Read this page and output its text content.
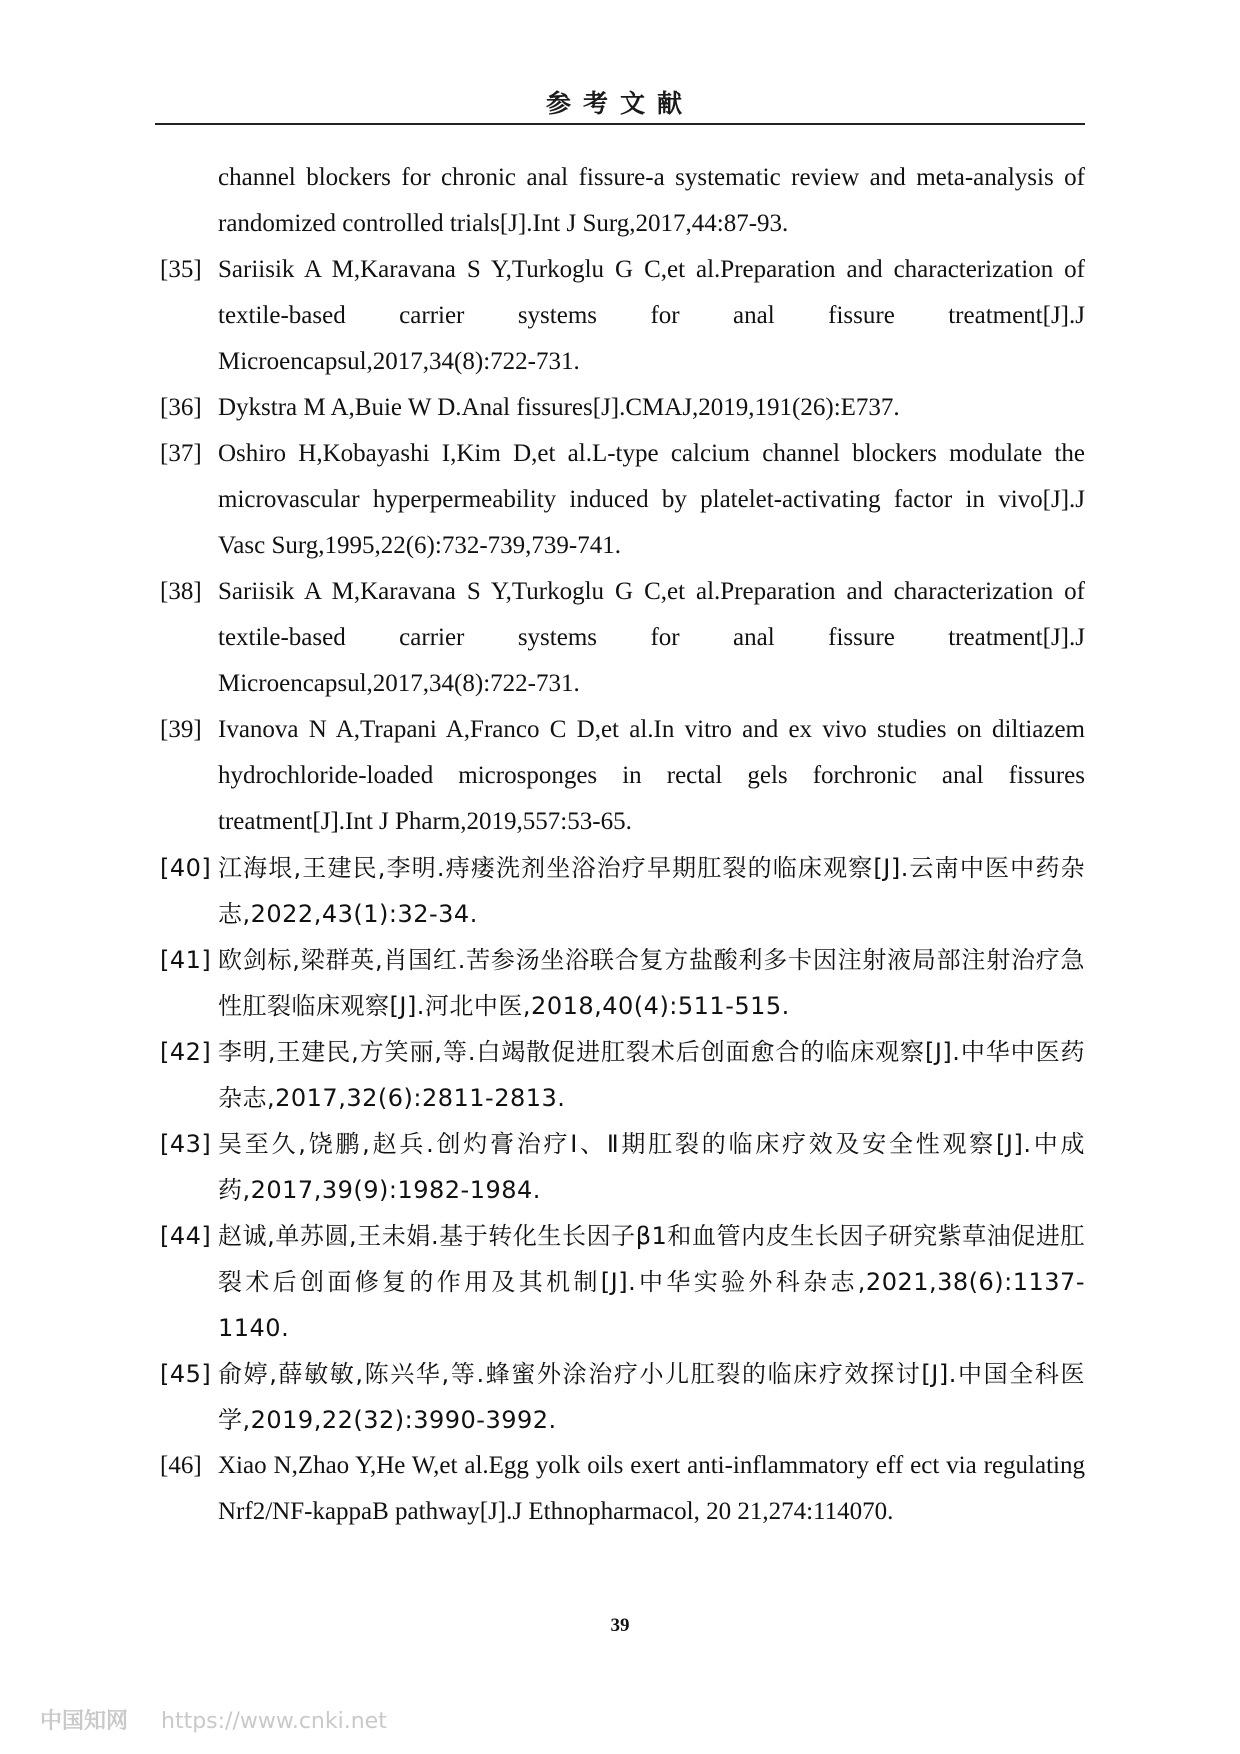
参考文献
channel blockers for chronic anal fissure-a systematic review and meta-analysis of randomized controlled trials[J].Int J Surg,2017,44:87-93.
[35] Sariisik A M,Karavana S Y,Turkoglu G C,et al.Preparation and characterization of textile-based carrier systems for anal fissure treatment[J].J Microencapsul,2017,34(8):722-731.
[36] Dykstra M A,Buie W D.Anal fissures[J].CMAJ,2019,191(26):E737.
[37] Oshiro H,Kobayashi I,Kim D,et al.L-type calcium channel blockers modulate the microvascular hyperpermeability induced by platelet-activating factor in vivo[J].J Vasc Surg,1995,22(6):732-739,739-741.
[38] Sariisik A M,Karavana S Y,Turkoglu G C,et al.Preparation and characterization of textile-based carrier systems for anal fissure treatment[J].J Microencapsul,2017,34(8):722-731.
[39] Ivanova N A,Trapani A,Franco C D,et al.In vitro and ex vivo studies on diltiazem hydrochloride-loaded microsponges in rectal gels forchronic anal fissures treatment[J].Int J Pharm,2019,557:53-65.
[40] 江海垠,王建民,李明.痔瘘洗剂坐浴治疗早期肛裂的临床观察[J].云南中医中药杂志,2022,43(1):32-34.
[41] 欧剑标,梁群英,肖国红.苦参汤坐浴联合复方盐酸利多卡因注射液局部注射治疗急性肛裂临床观察[J].河北中医,2018,40(4):511-515.
[42] 李明,王建民,方笑丽,等.白竭散促进肛裂术后创面愈合的临床观察[J].中华中医药杂志,2017,32(6):2811-2813.
[43] 吴至久,饶鹏,赵兵.创灼膏治疗Ⅰ、Ⅱ期肛裂的临床疗效及安全性观察[J].中成药,2017,39(9):1982-1984.
[44] 赵诚,单苏圆,王未娟.基于转化生长因子β1和血管内皮生长因子研究紫草油促进肛裂术后创面修复的作用及其机制[J].中华实验外科杂志,2021,38(6):1137-1140.
[45] 俞婷,薛敏敏,陈兴华,等.蜂蜜外涂治疗小儿肛裂的临床疗效探讨[J].中国全科医学,2019,22(32):3990-3992.
[46] Xiao N,Zhao Y,He W,et al.Egg yolk oils exert anti-inflammatory eff ect via regulating Nrf2/NF-kappaB pathway[J].J Ethnopharmacol, 20 21,274:114070.
39
中国知网 https://www.cnki.net
